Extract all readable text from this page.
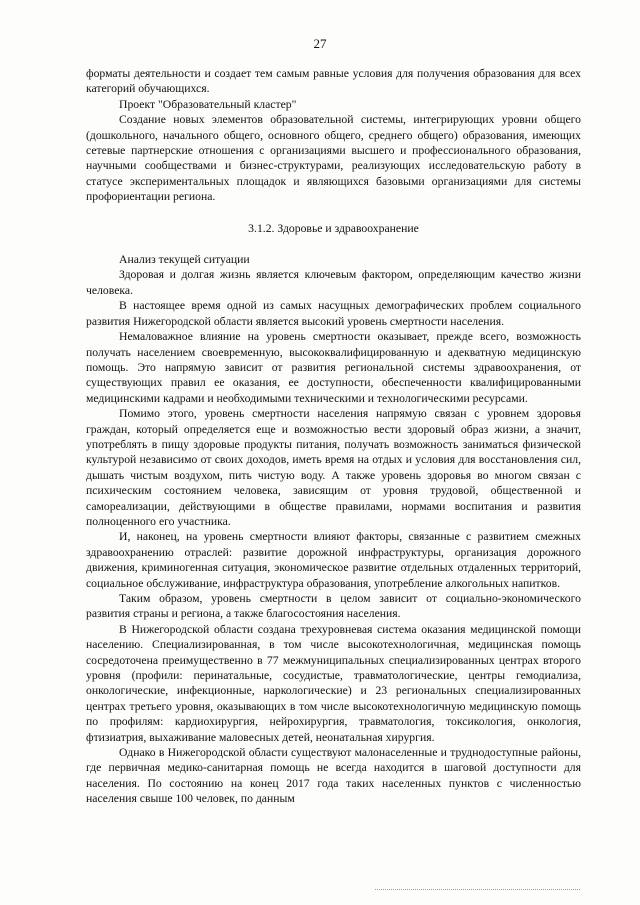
27

форматы деятельности и создает тем самым равные условия для получения образования для всех категорий обучающихся.

Проект "Образовательный кластер"

Создание новых элементов образовательной системы, интегрирующих уровни общего (дошкольного, начального общего, основного общего, среднего общего) образования, имеющих сетевые партнерские отношения с организациями высшего и профессионального образования, научными сообществами и бизнес-структурами, реализующих исследовательскую работу в статусе экспериментальных площадок и являющихся базовыми организациями для системы профориентации региона.

3.1.2. Здоровье и здравоохранение

Анализ текущей ситуации

Здоровая и долгая жизнь является ключевым фактором, определяющим качество жизни человека.

В настоящее время одной из самых насущных демографических проблем социального развития Нижегородской области является высокий уровень смертности населения.

Немаловажное влияние на уровень смертности оказывает, прежде всего, возможность получать населением своевременную, высококвалифицированную и адекватную медицинскую помощь. Это напрямую зависит от развития региональной системы здравоохранения, от существующих правил ее оказания, ее доступности, обеспеченности квалифицированными медицинскими кадрами и необходимыми техническими и технологическими ресурсами.

Помимо этого, уровень смертности населения напрямую связан с уровнем здоровья граждан, который определяется еще и возможностью вести здоровый образ жизни, а значит, употреблять в пищу здоровые продукты питания, получать возможность заниматься физической культурой независимо от своих доходов, иметь время на отдых и условия для восстановления сил, дышать чистым воздухом, пить чистую воду. А также уровень здоровья во многом связан с психическим состоянием человека, зависящим от уровня трудовой, общественной и самореализации, действующими в обществе правилами, нормами воспитания и развития полноценного его участника.

И, наконец, на уровень смертности влияют факторы, связанные с развитием смежных здравоохранению отраслей: развитие дорожной инфраструктуры, организация дорожного движения, криминогенная ситуация, экономическое развитие отдельных отдаленных территорий, социальное обслуживание, инфраструктура образования, употребление алкогольных напитков.

Таким образом, уровень смертности в целом зависит от социально-экономического развития страны и региона, а также благосостояния населения.

В Нижегородской области создана трехуровневая система оказания медицинской помощи населению. Специализированная, в том числе высокотехнологичная, медицинская помощь сосредоточена преимущественно в 77 межмуниципальных специализированных центрах второго уровня (профили: перинатальные, сосудистые, травматологические, центры гемодиализа, онкологические, инфекционные, наркологические) и 23 региональных специализированных центрах третьего уровня, оказывающих в том числе высокотехнологичную медицинскую помощь по профилям: кардиохирургия, нейрохирургия, травматология, токсикология, онкология, фтизиатрия, выхаживание маловесных детей, неонатальная хирургия.

Однако в Нижегородской области существуют малонаселенные и труднодоступные районы, где первичная медико-санитарная помощь не всегда находится в шаговой доступности для населения. По состоянию на конец 2017 года таких населенных пунктов с численностью населения свыше 100 человек, по данным
